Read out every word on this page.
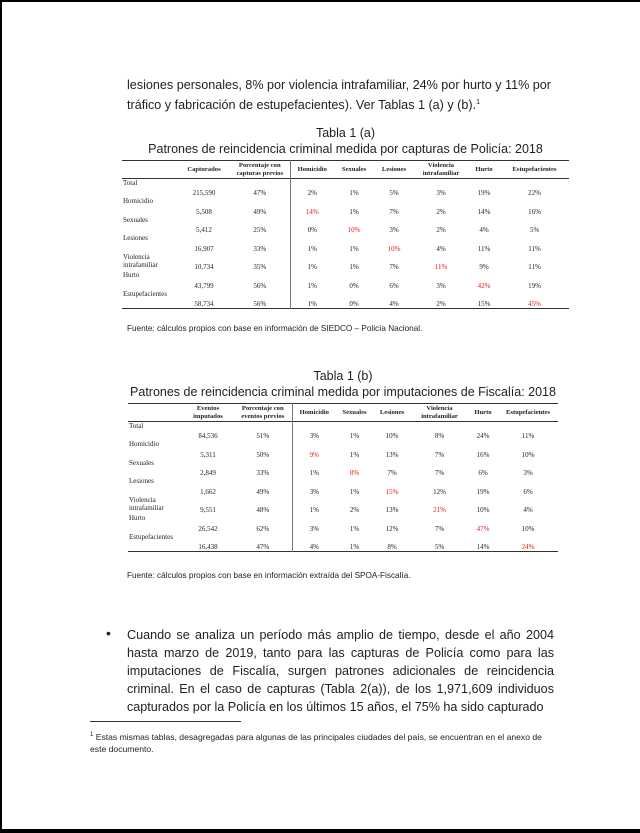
lesiones personales, 8% por violencia intrafamiliar, 24% por hurto y 11% por
tráfico y fabricación de estupefacientes). Ver Tablas 1 (a) y (b).$^1$
Tabla 1 (a)
Patrones de reincidencia criminal medida por capturas de Policía: 2018
	Capturados	Porcentaje con capturas previos	Homicidio	Sexuales	Lesiones	Violencia intrafamiliar	Hurto	Estupefacientes
Total	215,590	47%	2%	1%	5%	3%	19%	22%
Homicidio	5,508	49%	14%	1%	7%	2%	14%	16%
Sexuales	5,412	25%	0%	10%	3%	2%	4%	5%
Lesiones	16,907	33%	1%	1%	10%	4%	11%	11%
Violencia intrafamiliar	10,734	35%	1%	1%	7%	11%	9%	11%
Hurto	43,799	56%	1%	0%	6%	3%	42%	19%
Estupefacientes	58,734	56%	1%	0%	4%	2%	15%	45%
Fuente: cálculos propios con base en información de SIEDCO – Policía Nacional.
Tabla 1 (b)
Patrones de reincidencia criminal medida por imputaciones de Fiscalía: 2018
	Eventos imputados	Porcentaje con eventos previos	Homicidio	Sexuales	Lesiones	Violencia intrafamiliar	Hurto	Estupefacientes
Total	84,536	51%	3%	1%	10%	8%	24%	11%
Homicidio	5,311	50%	9%	1%	13%	7%	16%	10%
Sexuales	2,849	33%	1%	8%	7%	7%	6%	3%
Lesiones	1,662	49%	3%	1%	15%	12%	19%	6%
Violencia intrafamiliar	9,551	48%	1%	2%	13%	21%	10%	4%
Hurto	26,542	62%	3%	1%	12%	7%	47%	10%
Estupefacientes	16,438	47%	4%	1%	8%	5%	14%	24%
Fuente: cálculos propios con base en información extraída del SPOA-Fiscalía.
• Cuando se analiza un período más amplio de tiempo, desde el año 2004 hasta marzo de 2019, tanto para las capturas de Policía como para las imputaciones de Fiscalía, surgen patrones adicionales de reincidencia criminal. En el caso de capturas (Tabla 2(a)), de los 1,971,609 individuos capturados por la Policía en los últimos 15 años, el 75% ha sido capturado
$^1$ Estas mismas tablas, desagregadas para algunas de las principales ciudades del país, se encuentran en el anexo de este documento.
